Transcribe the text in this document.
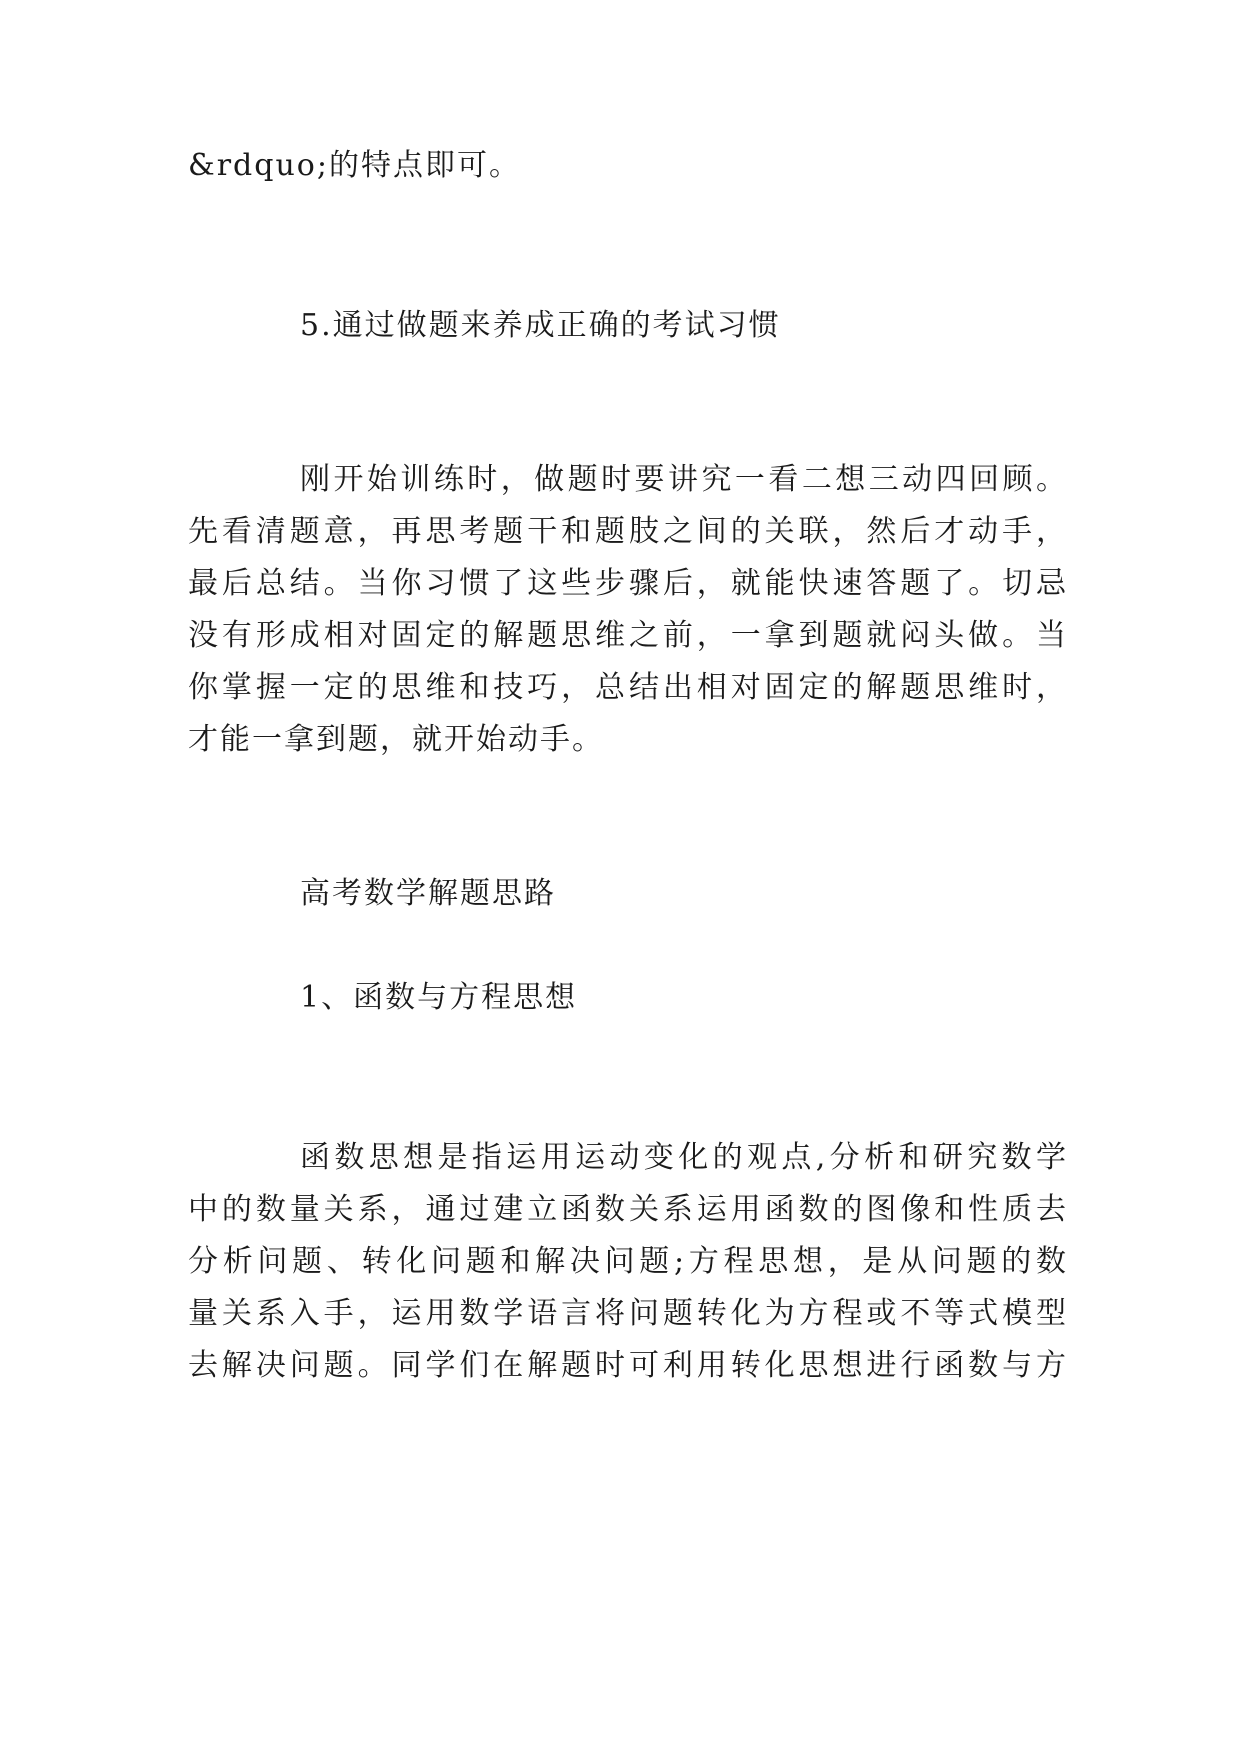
&rdquo;的特点即可。

5.通过做题来养成正确的考试习惯

刚开始训练时，做题时要讲究一看二想三动四回顾。

先看清题意，再思考题干和题肢之间的关联，然后才动手，

最后总结。当你习惯了这些步骤后，就能快速答题了。切忌

没有形成相对固定的解题思维之前，一拿到题就闷头做。当

你掌握一定的思维和技巧，总结出相对固定的解题思维时，

才能一拿到题，就开始动手。

高考数学解题思路

1、函数与方程思想

函数思想是指运用运动变化的观点,分析和研究数学

中的数量关系，通过建立函数关系运用函数的图像和性质去

分析问题、转化问题和解决问题;方程思想，是从问题的数

量关系入手，运用数学语言将问题转化为方程或不等式模型

去解决问题。同学们在解题时可利用转化思想进行函数与方
